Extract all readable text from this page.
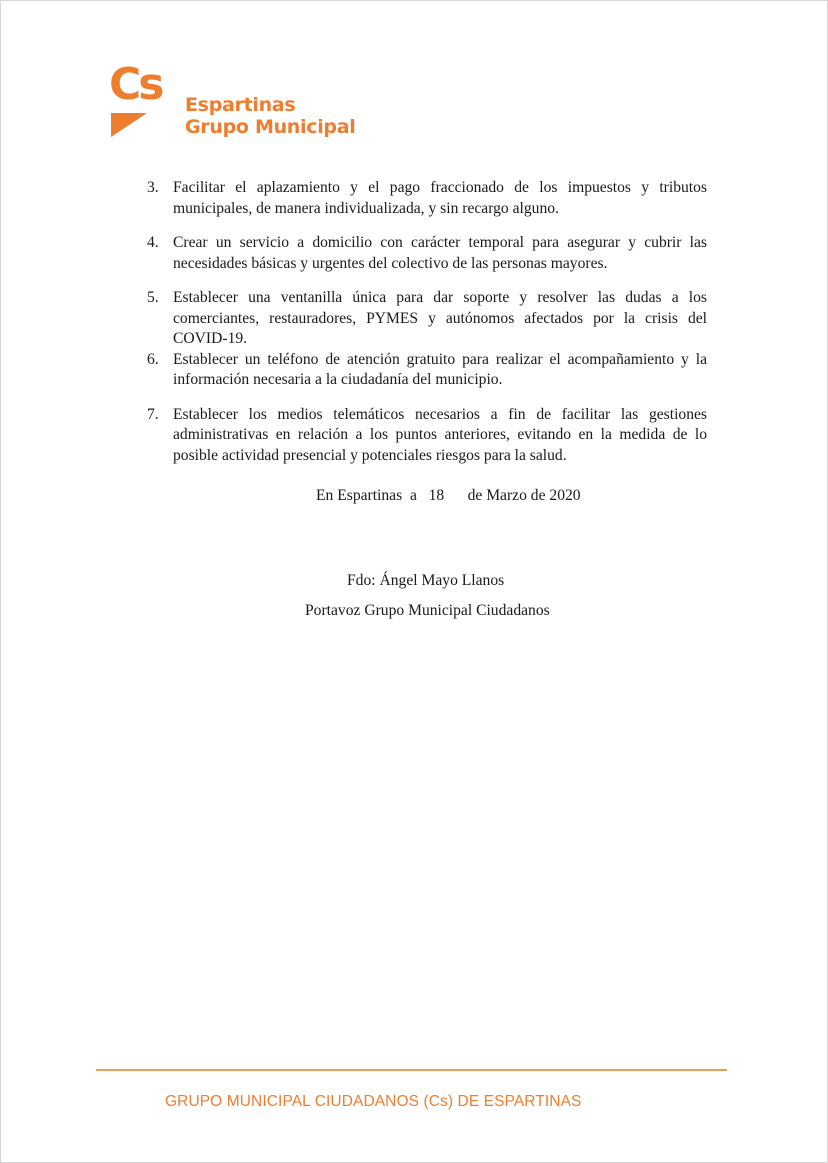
Cs Espartinas
Grupo Municipal
3. Facilitar el aplazamiento y el pago fraccionado de los impuestos y tributos municipales, de manera individualizada, y sin recargo alguno.
4. Crear un servicio a domicilio con carácter temporal para asegurar y cubrir las necesidades básicas y urgentes del colectivo de las personas mayores.
5. Establecer una ventanilla única para dar soporte y resolver las dudas a los comerciantes, restauradores, PYMES y autónomos afectados por la crisis del COVID-19.
6. Establecer un teléfono de atención gratuito para realizar el acompañamiento y la información necesaria a la ciudadanía del municipio.
7. Establecer los medios telemáticos necesarios a fin de facilitar las gestiones administrativas en relación a los puntos anteriores, evitando en la medida de lo posible actividad presencial y potenciales riesgos para la salud.
En Espartinas  a   18      de Marzo de 2020
Fdo: Ángel Mayo Llanos
Portavoz Grupo Municipal Ciudadanos
GRUPO MUNICIPAL CIUDADANOS (Cs) DE ESPARTINAS
